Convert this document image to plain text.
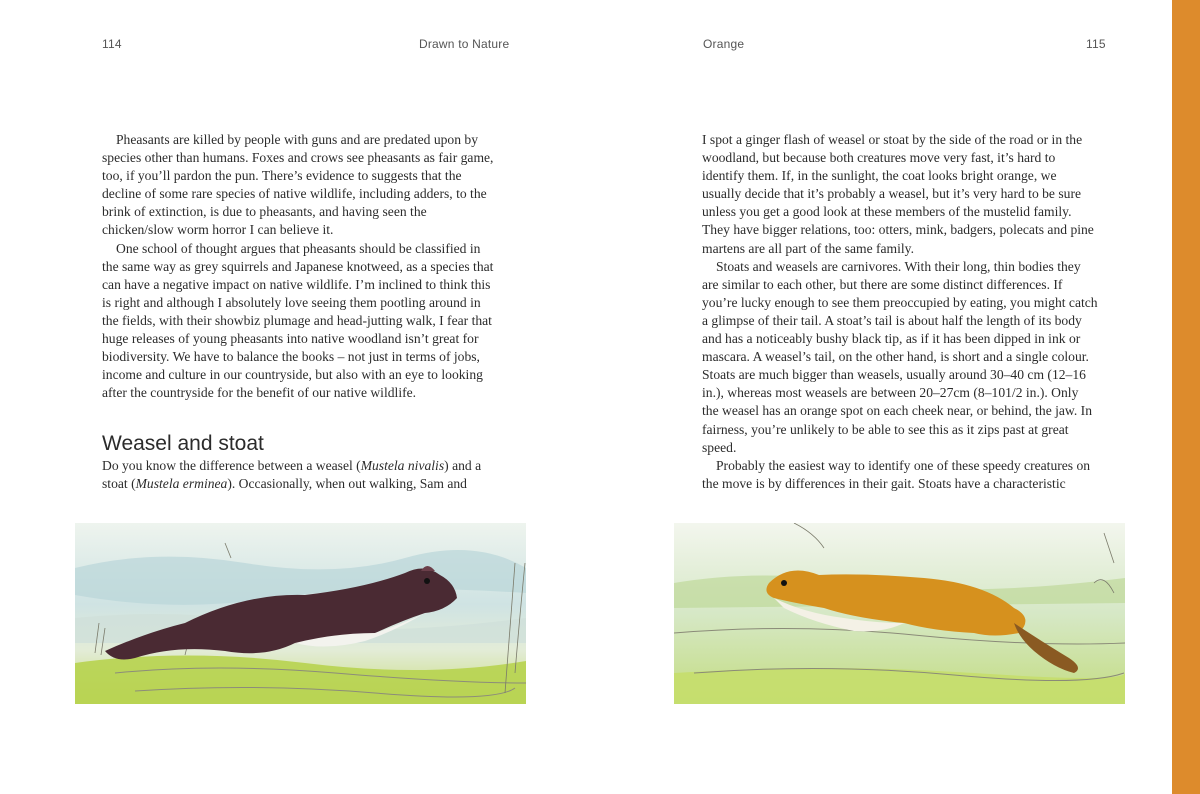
114	Drawn to Nature

Pheasants are killed by people with guns and are predated upon by species other than humans. Foxes and crows see pheasants as fair game, too, if you’ll pardon the pun. There’s evidence to suggests that the decline of some rare species of native wildlife, including adders, to the brink of extinction, is due to pheasants, and having seen the chicken/slow worm horror I can believe it.

One school of thought argues that pheasants should be classified in the same way as grey squirrels and Japanese knotweed, as a species that can have a negative impact on native wildlife. I’m inclined to think this is right and although I absolutely love seeing them pootling around in the fields, with their showbiz plumage and head-jutting walk, I fear that huge releases of young pheasants into native woodland isn’t great for biodiversity. We have to balance the books – not just in terms of jobs, income and culture in our countryside, but also with an eye to looking after the countryside for the benefit of our native wildlife.

Weasel and stoat

Do you know the difference between a weasel (Mustela nivalis) and a stoat (Mustela erminea). Occasionally, when out walking, Sam and

Orange	115

I spot a ginger flash of weasel or stoat by the side of the road or in the woodland, but because both creatures move very fast, it’s hard to identify them. If, in the sunlight, the coat looks bright orange, we usually decide that it’s probably a weasel, but it’s very hard to be sure unless you get a good look at these members of the mustelid family. They have bigger relations, too: otters, mink, badgers, polecats and pine martens are all part of the same family.

Stoats and weasels are carnivores. With their long, thin bodies they are similar to each other, but there are some distinct differences. If you’re lucky enough to see them preoccupied by eating, you might catch a glimpse of their tail. A stoat’s tail is about half the length of its body and has a noticeably bushy black tip, as if it has been dipped in ink or mascara. A weasel’s tail, on the other hand, is short and a single colour. Stoats are much bigger than weasels, usually around 30–40 cm (12–16 in.), whereas most weasels are between 20–27cm (8–101/2 in.). Only the weasel has an orange spot on each cheek near, or behind, the jaw. In fairness, you’re unlikely to be able to see this as it zips past at great speed.

Probably the easiest way to identify one of these speedy creatures on the move is by differences in their gait. Stoats have a characteristic
